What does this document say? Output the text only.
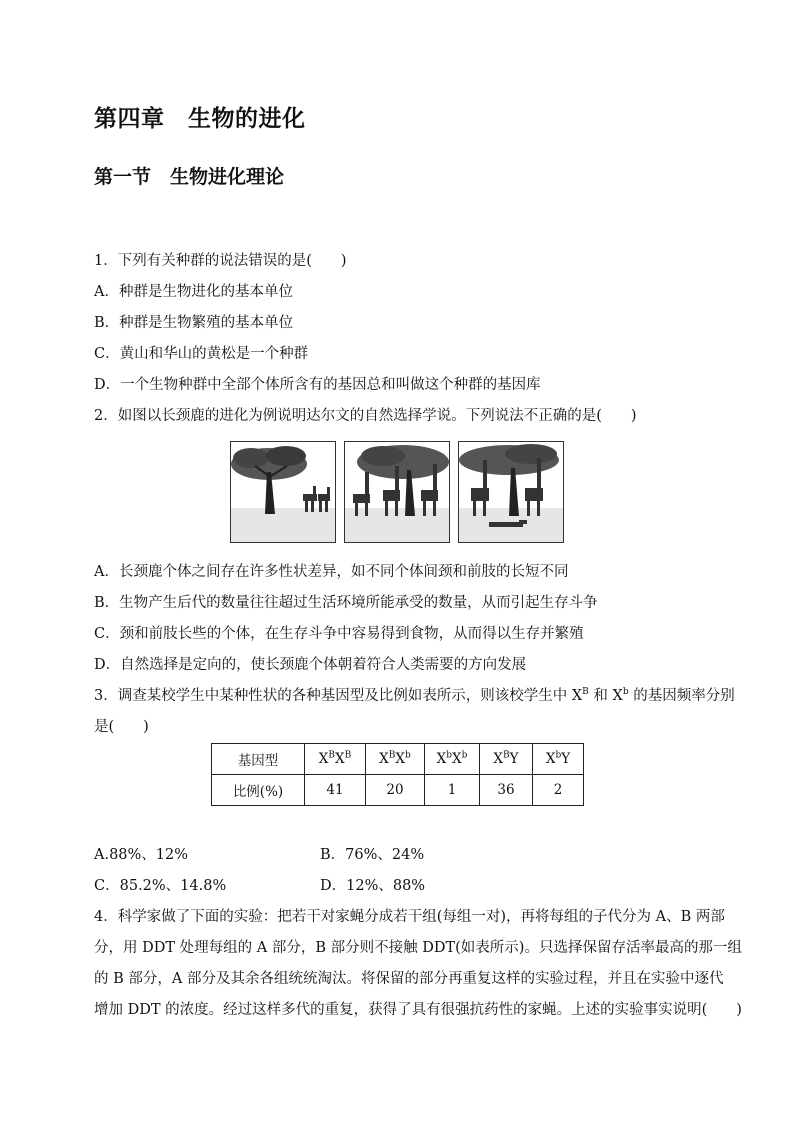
第四章　生物的进化
第一节　生物进化理论
1．下列有关种群的说法错误的是(　　)
A．种群是生物进化的基本单位
B．种群是生物繁殖的基本单位
C．黄山和华山的黄松是一个种群
D．一个生物种群中全部个体所含有的基因总和叫做这个种群的基因库
2．如图以长颈鹿的进化为例说明达尔文的自然选择学说。下列说法不正确的是(　　)
A．长颈鹿个体之间存在许多性状差异，如不同个体间颈和前肢的长短不同
B．生物产生后代的数量往往超过生活环境所能承受的数量，从而引起生存斗争
C．颈和前肢长些的个体，在生存斗争中容易得到食物，从而得以生存并繁殖
D．自然选择是定向的，使长颈鹿个体朝着符合人类需要的方向发展
3．调查某校学生中某种性状的各种基因型及比例如表所示，则该校学生中 $X^B$ 和 $X^b$ 的基因频率分别
是(　　)
基因型	$X^BX^B$	$X^BX^b$	$X^bX^b$	$X^BY$	$X^bY$
比例(%)	41	20	1	36	2
A.88%、12%	B．76%、24%
C．85.2%、14.8%	D．12%、88%
4．科学家做了下面的实验：把若干对家蝇分成若干组(每组一对)，再将每组的子代分为 A、B 两部
分，用 DDT 处理每组的 A 部分，B 部分则不接触 DDT(如表所示)。只选择保留存活率最高的那一组
的 B 部分，A 部分及其余各组统统淘汰。将保留的部分再重复这样的实验过程，并且在实验中逐代
增加 DDT 的浓度。经过这样多代的重复，获得了具有很强抗药性的家蝇。上述的实验事实说明(　　)
